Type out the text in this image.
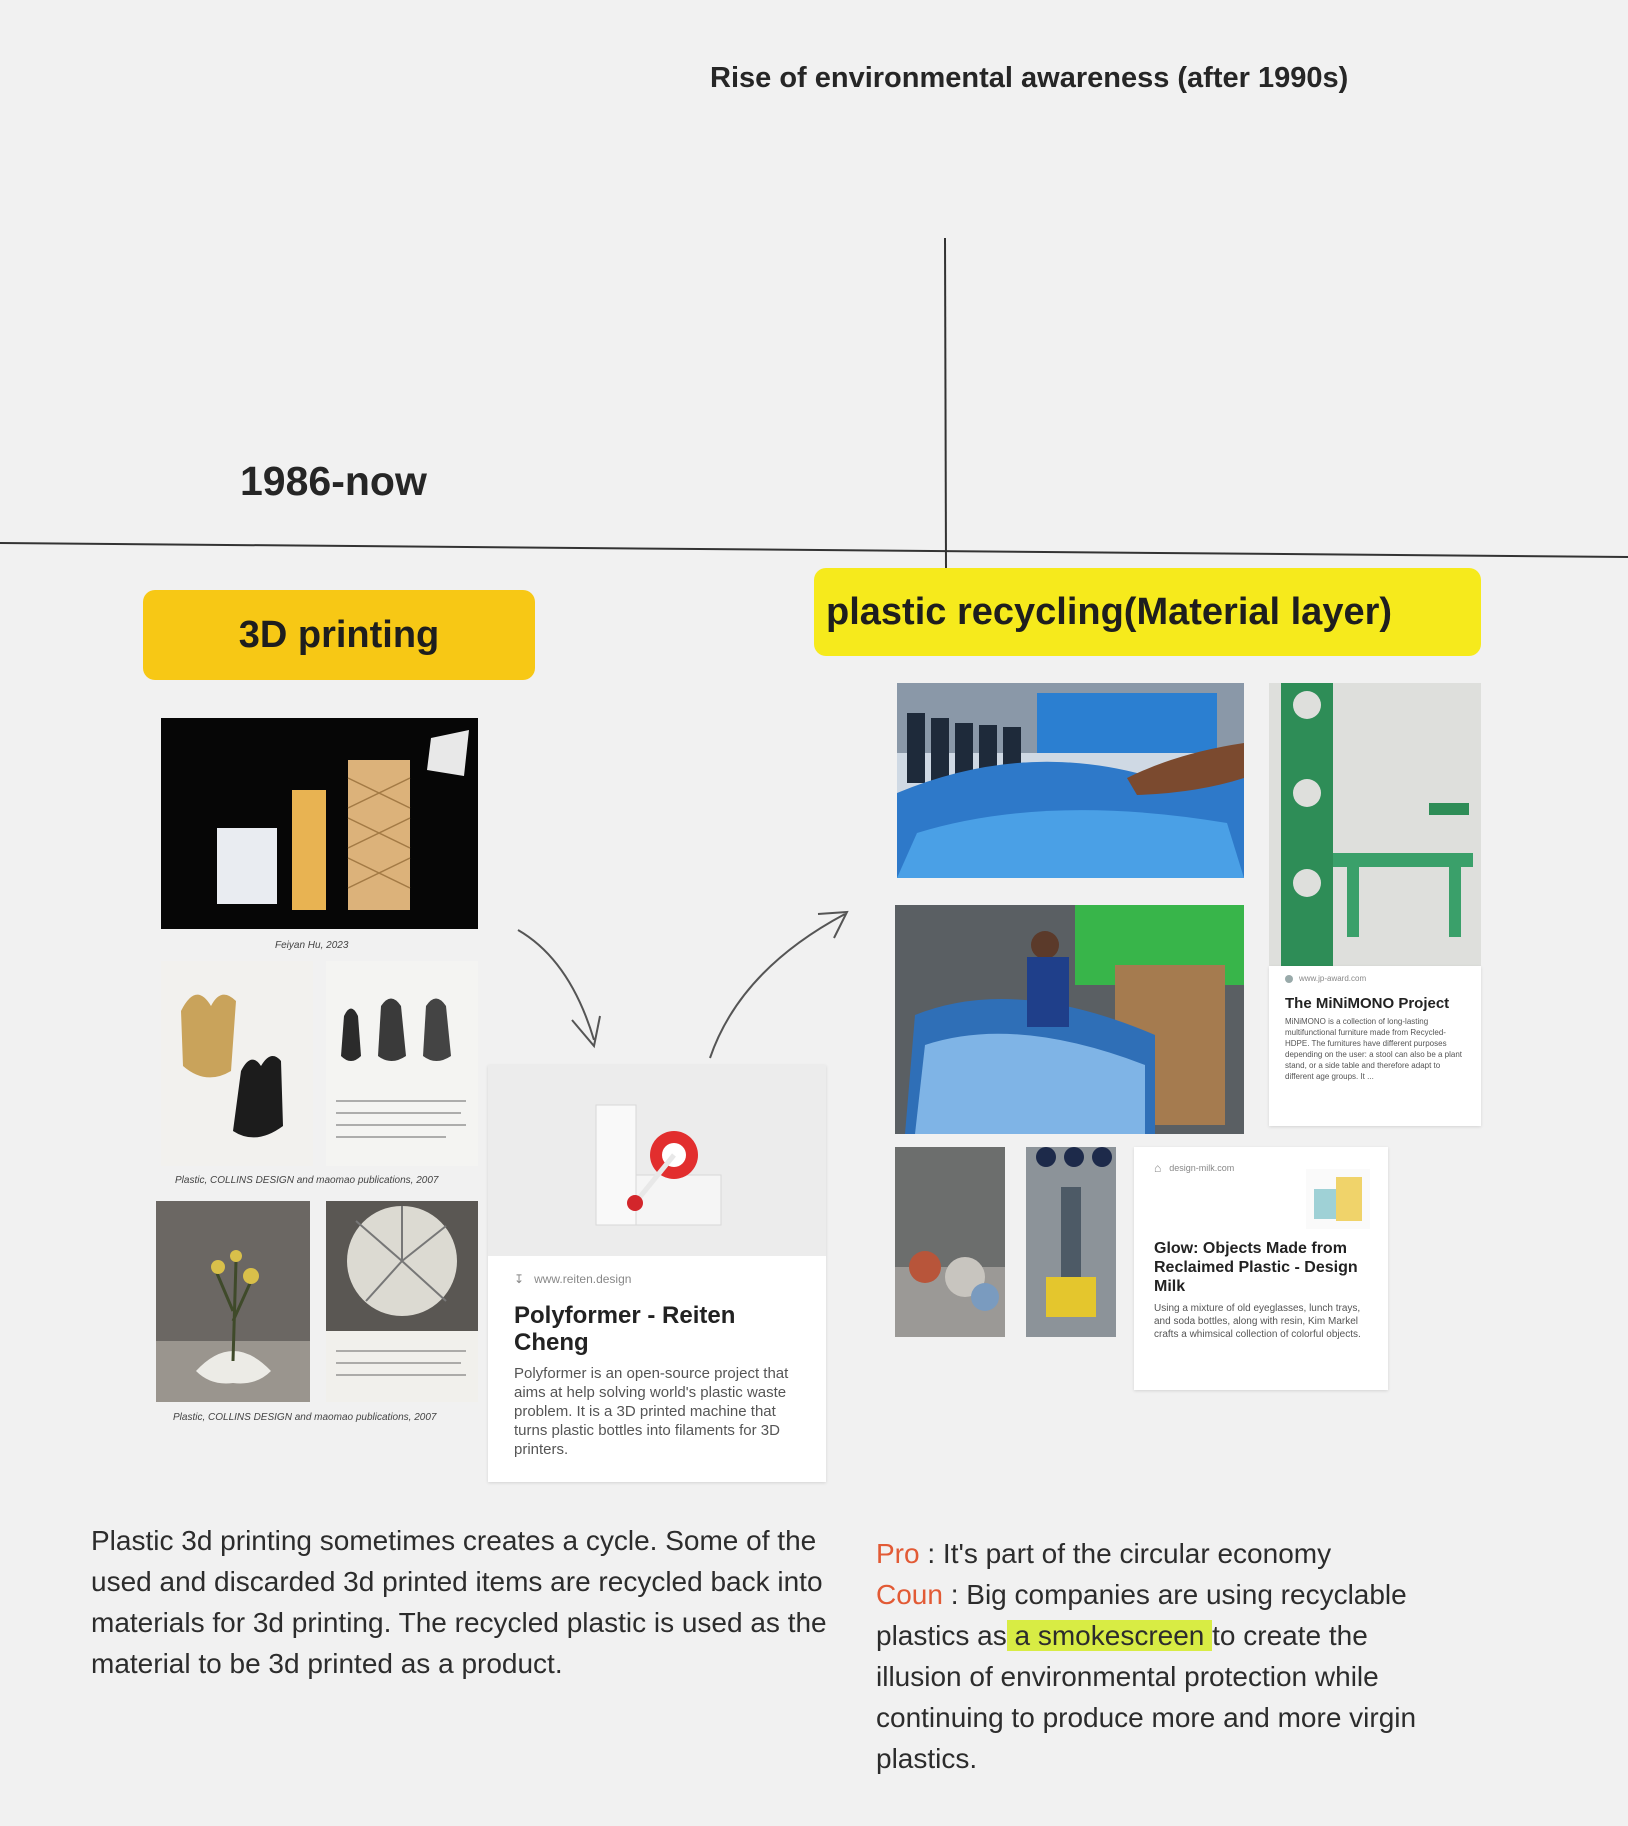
Rise of environmental awareness (after 1990s)
1986-now
3D printing
plastic recycling(Material layer)
Feiyan Hu, 2023
Plastic, COLLINS DESIGN and maomao publications, 2007
Plastic, COLLINS DESIGN and maomao publications, 2007
↧ www.reiten.design
Polyformer - Reiten Cheng
Polyformer is an open-source project that aims at help solving world's plastic waste problem. It is a 3D printed machine that turns plastic bottles into filaments for 3D printers.
www.jp-award.com
The MiNiMONO Project
MiNiMONO is a collection of long-lasting multifunctional furniture made from Recycled-HDPE. The furnitures have different purposes depending on the user: a stool can also be a plant stand, or a side table and therefore adapt to different age groups. It ...
⌂ design-milk.com
Glow: Objects Made from Reclaimed Plastic - Design Milk
Using a mixture of old eyeglasses, lunch trays, and soda bottles, along with resin, Kim Markel crafts a whimsical collection of colorful objects.
Plastic 3d printing sometimes creates a cycle. Some of the used and discarded 3d printed items are recycled back into materials for 3d printing. The recycled plastic is used as the material to be 3d printed as a product.
Pro : It's part of the circular economy
Coun : Big companies are using recyclable plastics as a smokescreen to create the illusion of environmental protection while continuing to produce more and more virgin plastics.
